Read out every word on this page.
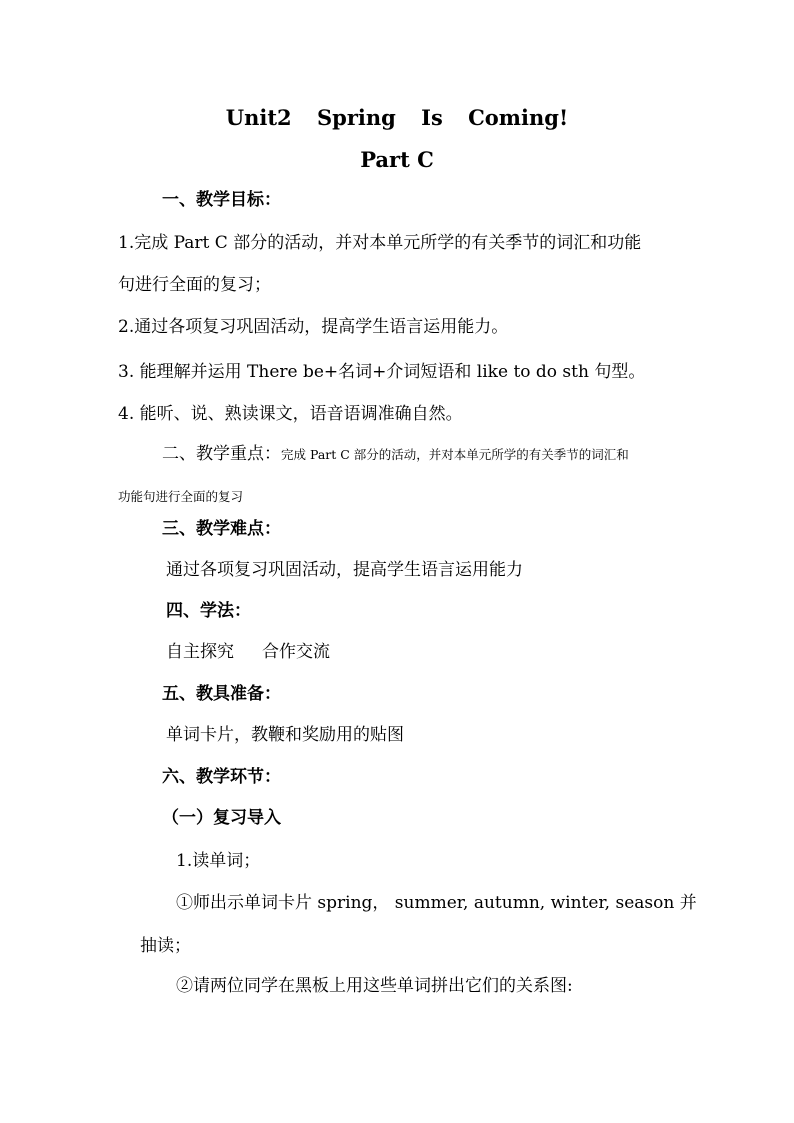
Unit2 Spring Is Coming!
Part C
一、教学目标：
1.完成 Part C 部分的活动，并对本单元所学的有关季节的词汇和功能
句进行全面的复习；
2.通过各项复习巩固活动，提高学生语言运用能力。
3. 能理解并运用 There be+名词+介词短语和 like to do sth 句型。
4. 能听、说、熟读课文，语音语调准确自然。
二、教学重点：完成 Part C 部分的活动，并对本单元所学的有关季节的词汇和
功能句进行全面的复习
三、教学难点：
通过各项复习巩固活动，提高学生语言运用能力
四、学法：
自主探究 合作交流
五、教具准备：
单词卡片，教鞭和奖励用的贴图
六、教学环节：
（一）复习导入
1.读单词；
①师出示单词卡片 spring， summer, autumn, winter, season 并
抽读；
②请两位同学在黑板上用这些单词拼出它们的关系图:
